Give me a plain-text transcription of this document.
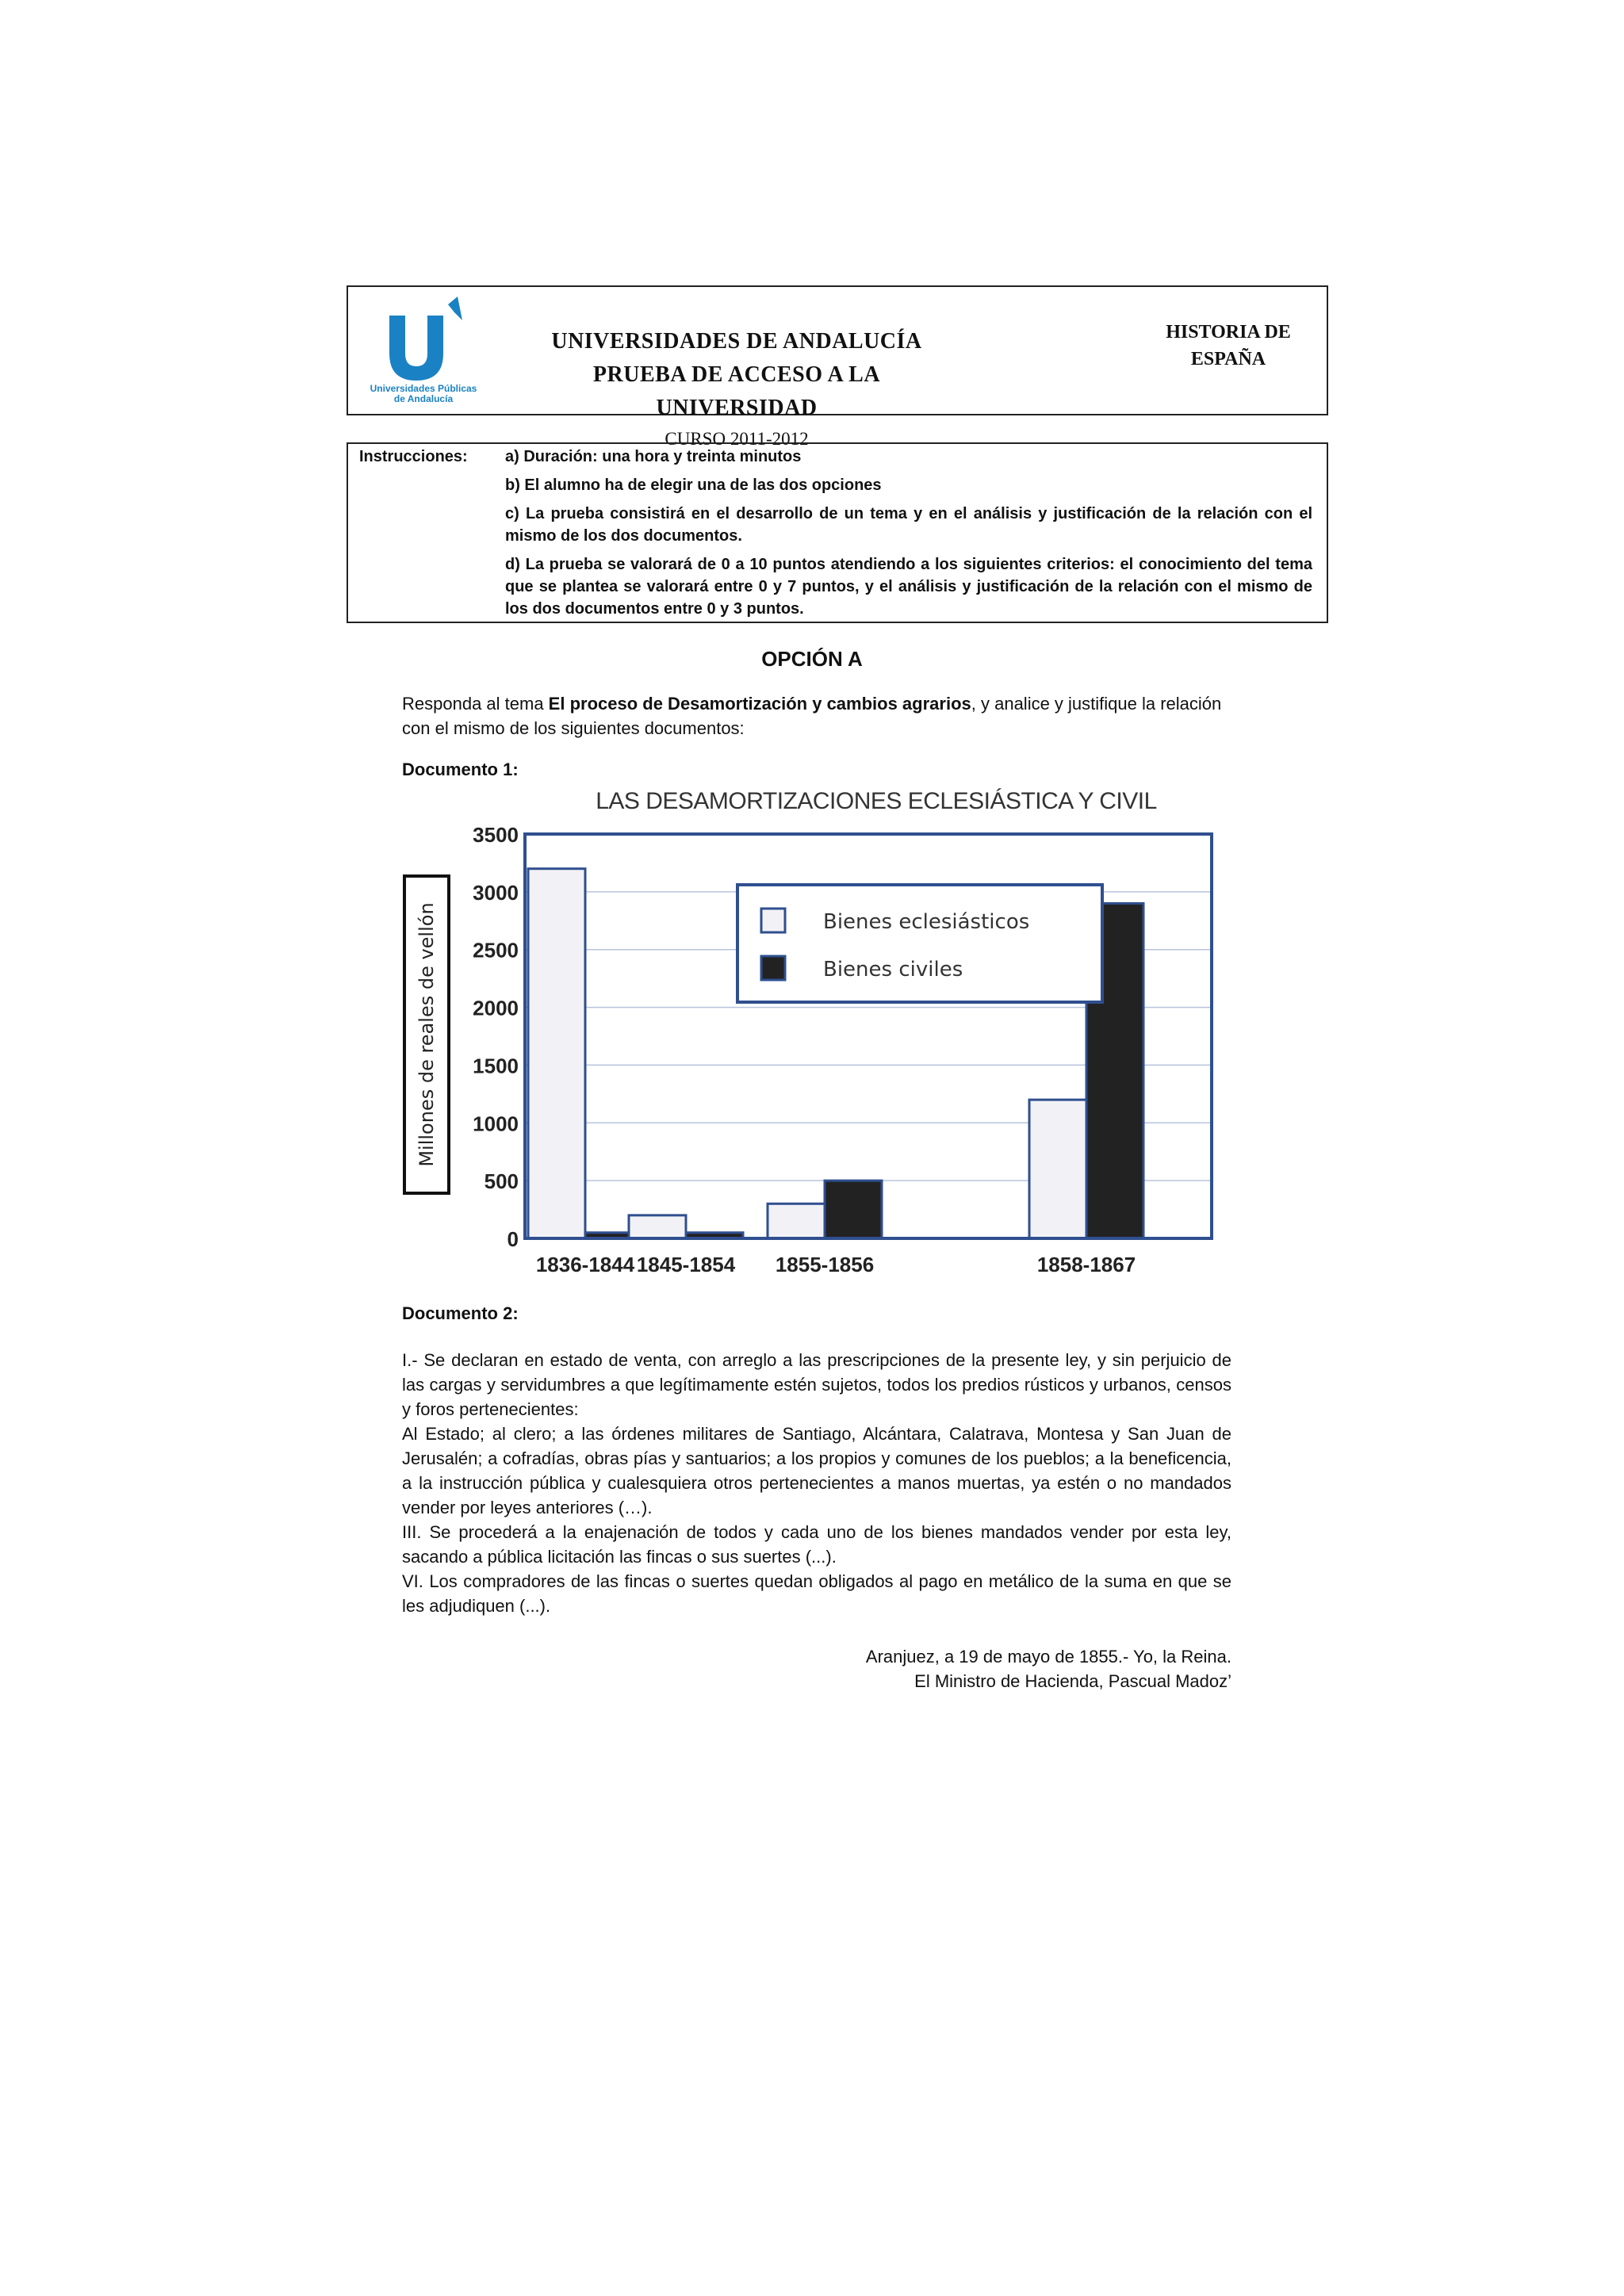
Universidades Públicas
de Andalucía
UNIVERSIDADES DE ANDALUCÍA
PRUEBA DE ACCESO A LA UNIVERSIDAD
CURSO 2011-2012
HISTORIA DE
ESPAÑA
Instrucciones: a) Duración: una hora y treinta minutos
b) El alumno ha de elegir una de las dos opciones
c) La prueba consistirá en el desarrollo de un tema y en el análisis y justificación de la relación con el mismo de los dos documentos.
d) La prueba se valorará de 0 a 10 puntos atendiendo a los siguientes criterios: el conocimiento del tema que se plantea se valorará entre 0 y 7 puntos, y el análisis y justificación de la relación con el mismo de los dos documentos entre 0 y 3 puntos.
OPCIÓN A
Responda al tema El proceso de Desamortización y cambios agrarios, y analice y justifique la relación con el mismo de los siguientes documentos:
Documento 1:
LAS DESAMORTIZACIONES ECLESIÁSTICA Y CIVIL
0
500
1000
1500
2000
2500
3000
3500
Millones de reales de vellón
1836-1844 1845-1854 1855-1856	1858-1867
Bienes eclesiásticos
Bienes civiles
Documento 2:

I.- Se declaran en estado de venta, con arreglo a las prescripciones de la presente ley, y sin perjuicio de las cargas y servidumbres a que legítimamente estén sujetos, todos los predios rústicos y urbanos, censos y foros pertenecientes:

Al Estado; al clero; a las órdenes militares de Santiago, Alcántara, Calatrava, Montesa y San Juan de Jerusalén; a cofradías, obras pías y santuarios; a los propios y comunes de los pueblos; a la beneficencia, a la instrucción pública y cualesquiera otros pertenecientes a manos muertas, ya estén o no mandados vender por leyes anteriores (…).

III. Se procederá a la enajenación de todos y cada uno de los bienes mandados vender por esta ley, sacando a pública licitación las fincas o sus suertes (...).

VI. Los compradores de las fincas o suertes quedan obligados al pago en metálico de la suma en que se les adjudiquen (...).

Aranjuez, a 19 de mayo de 1855.- Yo, la Reina.
El Ministro de Hacienda, Pascual Madoz’
